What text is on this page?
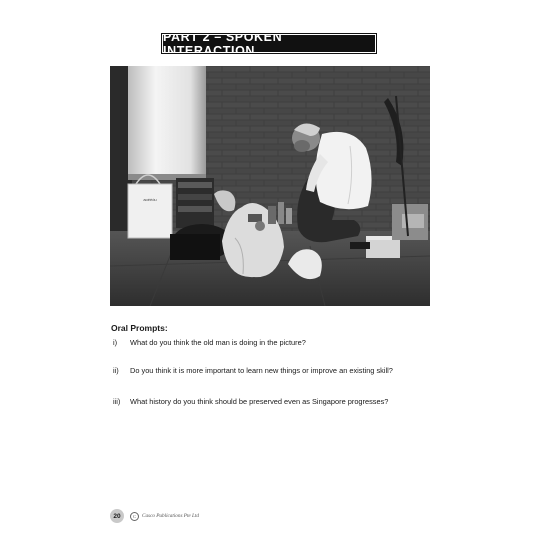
PART 2 – SPOKEN INTERACTION
aoéèóu
Oral Prompts:
i)	What do you think the old man is doing in the picture?
ii)	Do you think it is more important to learn new things or improve an existing skill?
iii)	What history do you think should be preserved even as Singapore progresses?
20	C	Casco Publications Pte Ltd
